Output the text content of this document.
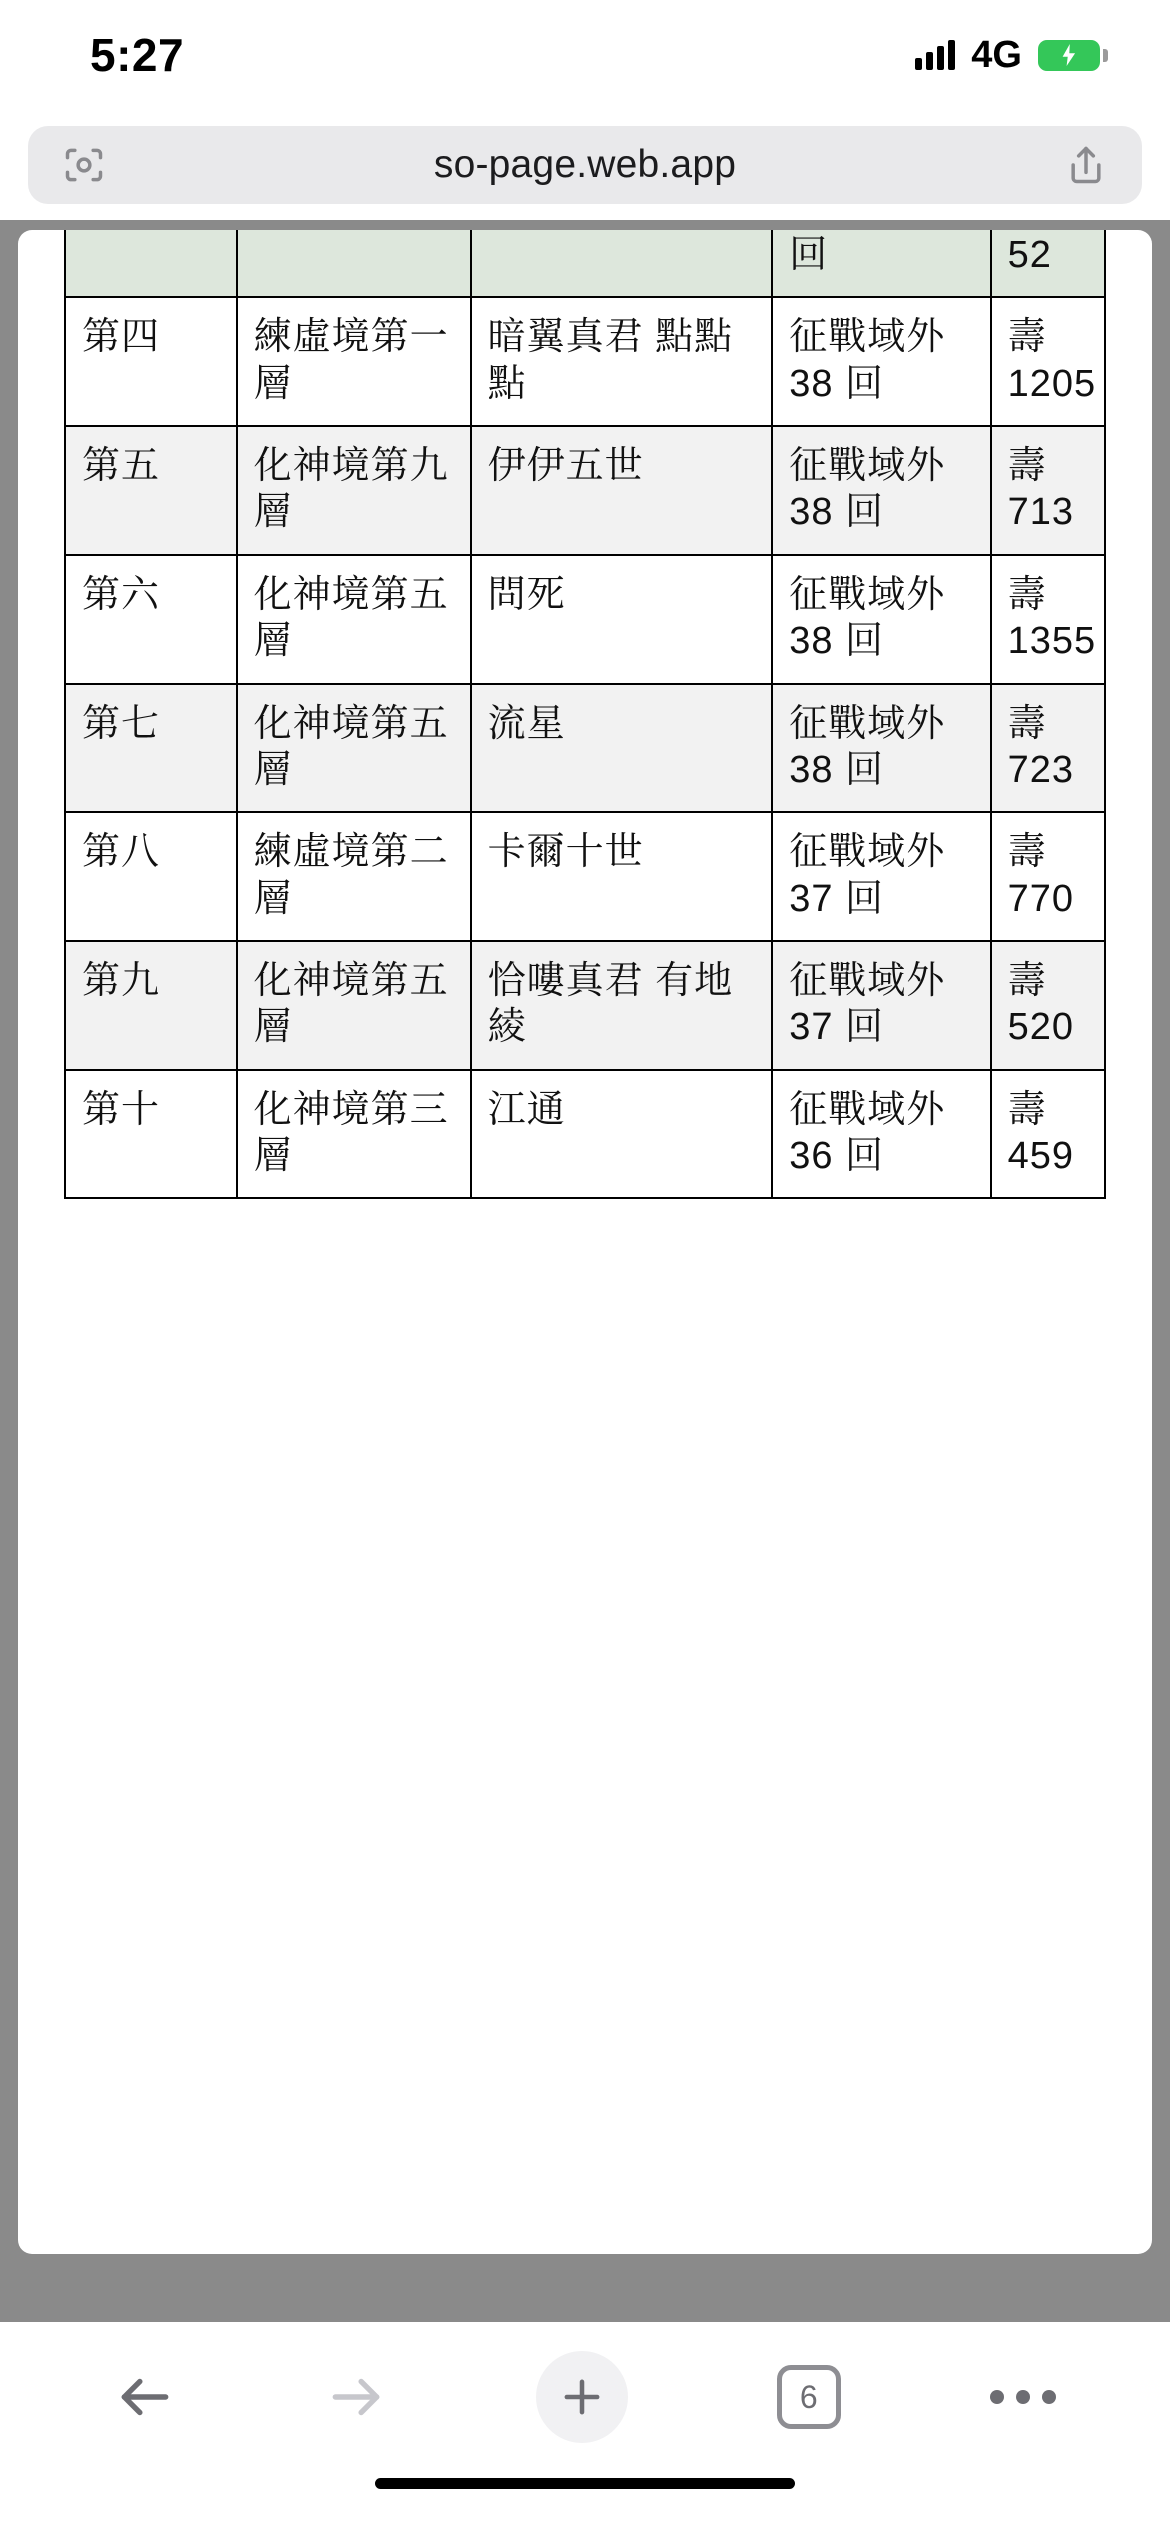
5:27	4G
so-page.web.app
			回	52
第四	練虛境第一層	暗翼真君 點點點	征戰域外 38 回	壽1205
第五	化神境第九層	伊伊五世	征戰域外 38 回	壽713
第六	化神境第五層	問死	征戰域外 38 回	壽1355
第七	化神境第五層	流星	征戰域外 38 回	壽723
第八	練虛境第二層	卡爾十世	征戰域外 37 回	壽770
第九	化神境第五層	恰嘍真君 有地綾	征戰域外 37 回	壽520
第十	化神境第三層	江通	征戰域外 36 回	壽459
6
